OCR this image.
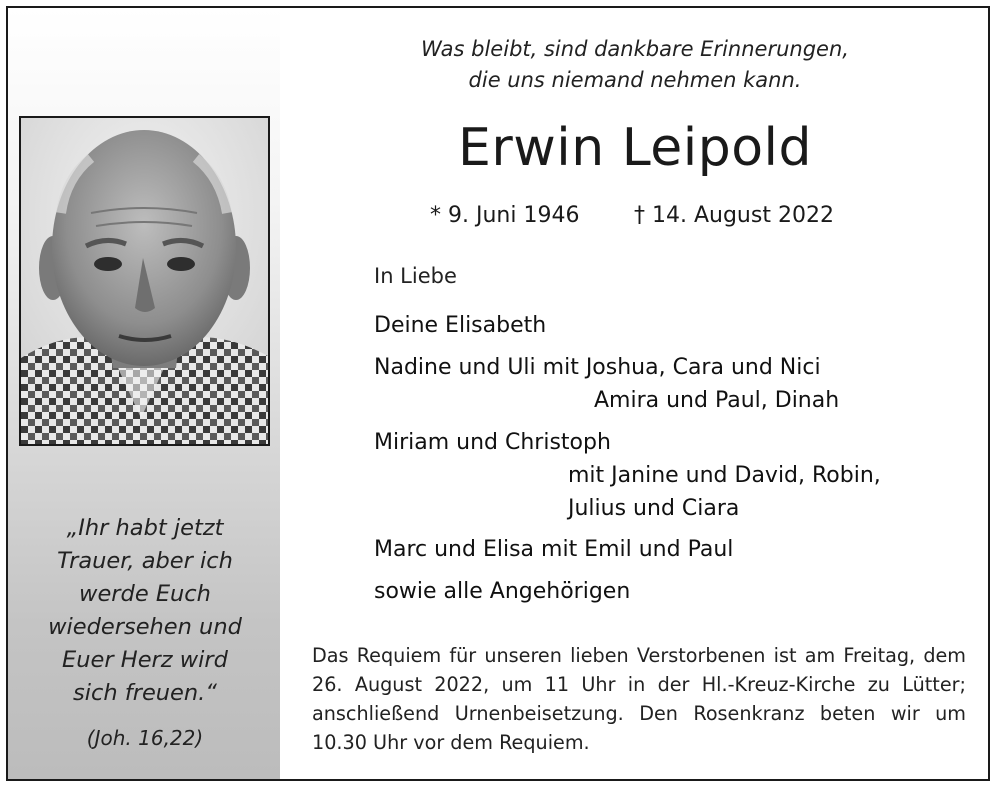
„Ihr habt jetzt
Trauer, aber ich
werde Euch
wiedersehen und
Euer Herz wird
sich freuen.“
(Joh. 16,22)
Was bleibt, sind dankbare Erinnerungen,
die uns niemand nehmen kann.
Erwin Leipold
* 9. Juni 1946 † 14. August 2022
In Liebe
Deine Elisabeth
Nadine und Uli mit Joshua, Cara und Nici
Amira und Paul, Dinah
Miriam und Christoph
mit Janine und David, Robin,
Julius und Ciara
Marc und Elisa mit Emil und Paul
sowie alle Angehörigen
Das Requiem für unseren lieben Verstorbenen ist am Freitag, dem 26. August 2022, um 11 Uhr in der Hl.-Kreuz-Kirche zu Lütter; anschließend Urnenbeisetzung. Den Rosenkranz beten wir um 10.30 Uhr vor dem Requiem.
